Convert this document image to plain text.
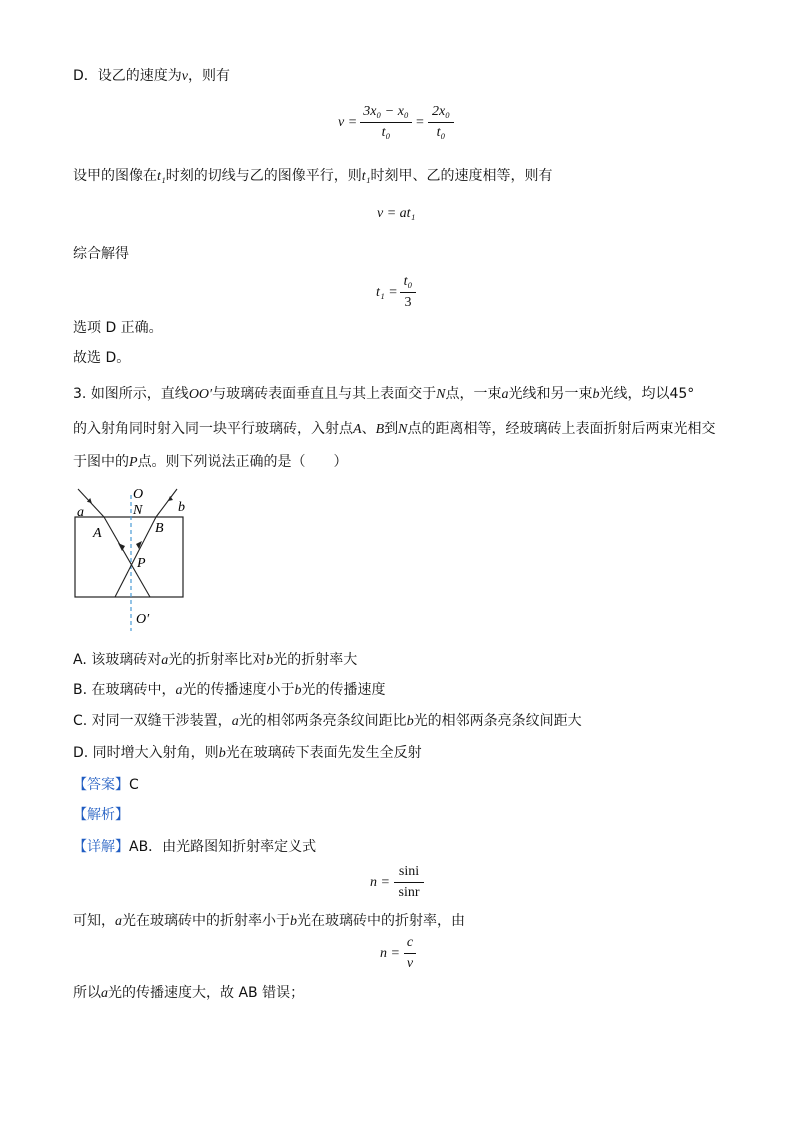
D．设乙的速度为v，则有
v =
3x₀ − x₀
t₀
=
2x₀
t₀
设甲的图像在t₁时刻的切线与乙的图像平行，则t₁时刻甲、乙的速度相等，则有
v = at₁
综合解得
t₁ =
t₀
3
选项 D 正确。
故选 D。
3. 如图所示，直线OO′与玻璃砖表面垂直且与其上表面交于N点，一束a光线和另一束b光线，均以45°
的入射角同时射入同一块平行玻璃砖，入射点A、B到N点的距离相等，经玻璃砖上表面折射后两束光相交
于图中的P点。则下列说法正确的是（　　）
O
N
a	b
A	B
P
O′
A. 该玻璃砖对a光的折射率比对b光的折射率大
B. 在玻璃砖中，a光的传播速度小于b光的传播速度
C. 对同一双缝干涉装置，a光的相邻两条亮条纹间距比b光的相邻两条亮条纹间距大
D. 同时增大入射角，则b光在玻璃砖下表面先发生全反射
【答案】C
【解析】
【详解】AB．由光路图知折射率定义式
n =
sini
sinr
可知，a光在玻璃砖中的折射率小于b光在玻璃砖中的折射率，由
n =
c
v
所以a光的传播速度大，故 AB 错误；
